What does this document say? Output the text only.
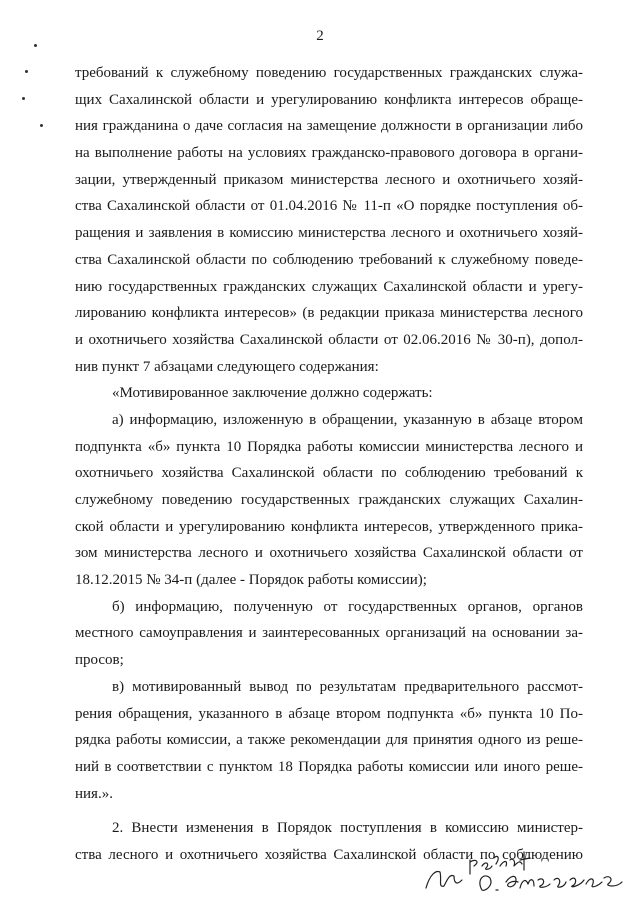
2
требований к служебному поведению государственных гражданских служа-
щих Сахалинской области и урегулированию конфликта интересов обраще-
ния гражданина о даче согласия на замещение должности в организации либо
на выполнение работы на условиях гражданско-правового договора в органи-
зации, утвержденный приказом министерства лесного и охотничьего хозяй-
ства Сахалинской области от 01.04.2016 № 11-п «О порядке поступления об-
ращения и заявления в комиссию министерства лесного и охотничьего хозяй-
ства Сахалинской области по соблюдению требований к служебному поведе-
нию государственных гражданских служащих Сахалинской области и урегу-
лированию конфликта интересов» (в редакции приказа министерства лесного
и охотничьего хозяйства Сахалинской области от 02.06.2016 № 30-п), допол-
нив пункт 7 абзацами следующего содержания:
«Мотивированное заключение должно содержать:
а) информацию, изложенную в обращении, указанную в абзаце втором
подпункта «б» пункта 10 Порядка работы комиссии министерства лесного и
охотничьего хозяйства Сахалинской области по соблюдению требований к
служебному поведению государственных гражданских служащих Сахалин-
ской области и урегулированию конфликта интересов, утвержденного прика-
зом министерства лесного и охотничьего хозяйства Сахалинской области от
18.12.2015 № 34-п (далее - Порядок работы комиссии);
б) информацию, полученную от государственных органов, органов
местного самоуправления и заинтересованных организаций на основании за-
просов;
в) мотивированный вывод по результатам предварительного рассмот-
рения обращения, указанного в абзаце втором подпункта «б» пункта 10 По-
рядка работы комиссии, а также рекомендации для принятия одного из реше-
ний в соответствии с пунктом 18 Порядка работы комиссии или иного реше-
ния.».
2. Внести изменения в Порядок поступления в комиссию министер-
ства лесного и охотничьего хозяйства Сахалинской области по соблюдению
